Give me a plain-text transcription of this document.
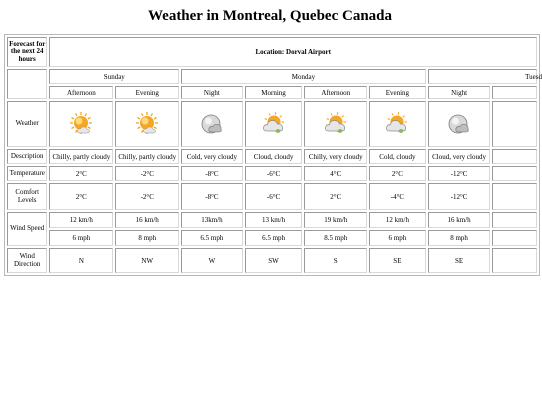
Weather in Montreal, Quebec Canada
Forecast for the next 24 hours	Location: Dorval Airport							
	Sunday		Monday				Tuesd	
	Afternoon	Evening	Night	Morning	Afternoon	Evening	Night	
Weather	

Description	Chilly, partly cloudy	Chilly, partly cloudy	Cold, very cloudy	Cloud, cloudy	Chilly, very cloudy	Cold, cloudy	Cloud, very cloudy	
Temperature	2°C	-2°C	-8°C	-6°C	4°C	2°C	-12°C	
Comfort Levels	2°C	-2°C	-8°C	-6°C	2°C	-4°C	-12°C	
Wind Speed	12 km/h	16 km/h	13km/h	13 km/h	19 km/h	12 km/h	16 km/h	
	6 mph	8 mph	6.5 mph	6.5 mph	8.5 mph	6 mph	8 mph	
Wind Direction	N	NW	W	SW	S	SE	SE	
